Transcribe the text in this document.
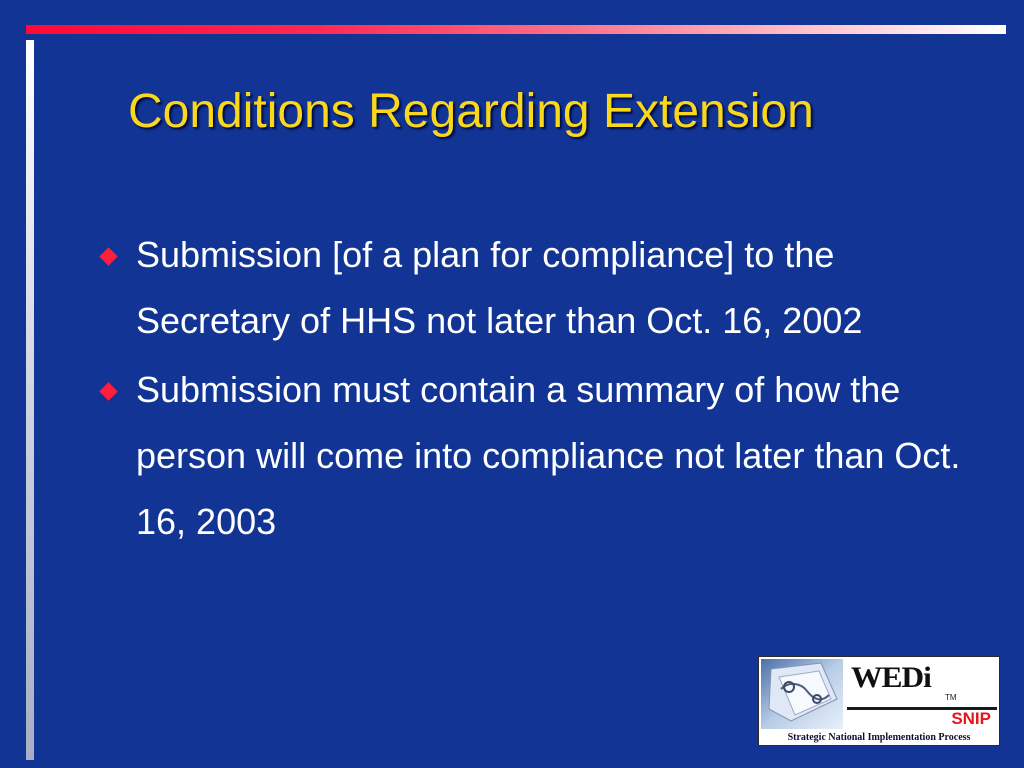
Conditions Regarding Extension
Submission [of a plan for compliance] to the Secretary of HHS not later than Oct. 16, 2002
Submission must contain a summary of how the person will come into compliance not later than Oct. 16, 2003
WEDi
TM
SNIP
Strategic National Implementation Process
